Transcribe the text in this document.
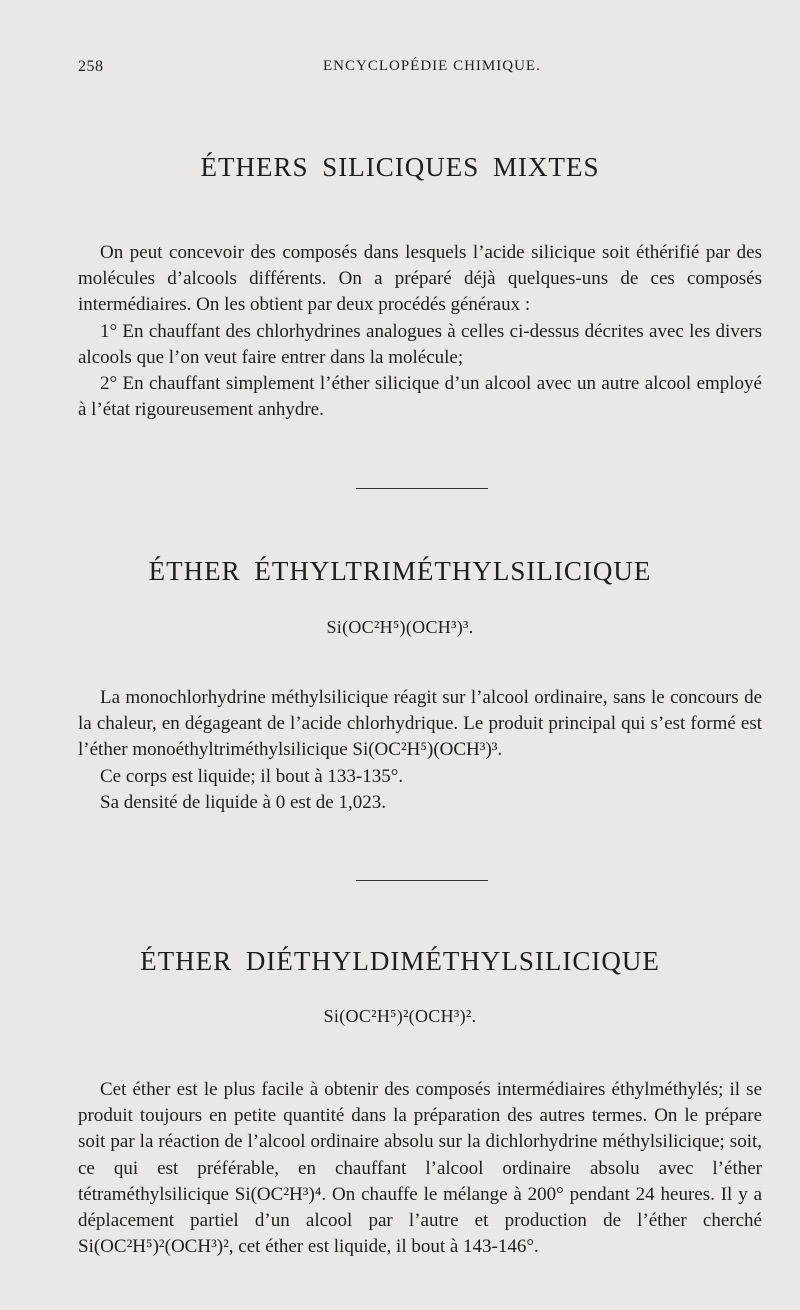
258	ENCYCLOPÉDIE CHIMIQUE.
ÉTHERS SILICIQUES MIXTES

On peut concevoir des composés dans lesquels l’acide silicique soit éthérifié par des molécules d’alcools différents. On a préparé déjà quelques-uns de ces composés intermédiaires. On les obtient par deux procédés généraux :

1° En chauffant des chlorhydrines analogues à celles ci-dessus décrites avec les divers alcools que l’on veut faire entrer dans la molécule;

2° En chauffant simplement l’éther silicique d’un alcool avec un autre alcool employé à l’état rigoureusement anhydre.

ÉTHER ÉTHYLTRIMÉTHYLSILICIQUE
Si(OC²H⁵)(OCH³)³.

La monochlorhydrine méthylsilicique réagit sur l’alcool ordinaire, sans le concours de la chaleur, en dégageant de l’acide chlorhydrique. Le produit principal qui s’est formé est l’éther monoéthyltriméthylsilicique Si(OC²H⁵)(OCH³)³.

Ce corps est liquide; il bout à 133-135°.

Sa densité de liquide à 0 est de 1,023.

ÉTHER DIÉTHYLDIMÉTHYLSILICIQUE
Si(OC²H⁵)²(OCH³)².

Cet éther est le plus facile à obtenir des composés intermédiaires éthylméthylés; il se produit toujours en petite quantité dans la préparation des autres termes. On le prépare soit par la réaction de l’alcool ordinaire absolu sur la dichlorhydrine méthylsilicique; soit, ce qui est préférable, en chauffant l’alcool ordinaire absolu avec l’éther tétraméthylsilicique Si(OC²H³)⁴. On chauffe le mélange à 200° pendant 24 heures. Il y a déplacement partiel d’un alcool par l’autre et production de l’éther cherché Si(OC²H⁵)²(OCH³)², cet éther est liquide, il bout à 143-146°.
